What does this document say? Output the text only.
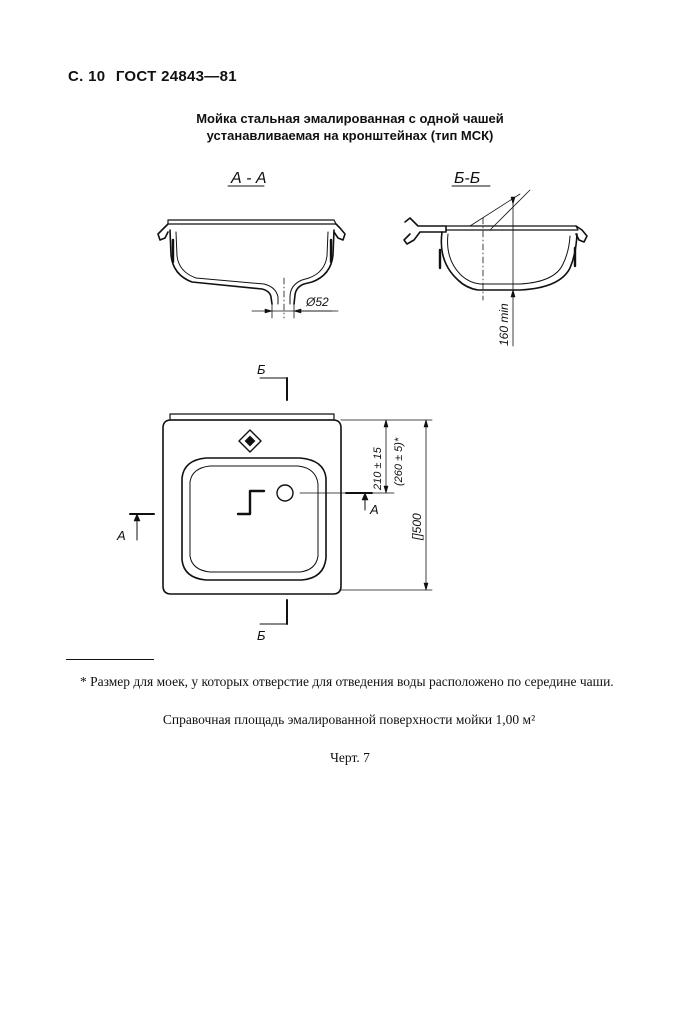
С. 10 ГОСТ 24843—81
Мойка стальная эмалированная с одной чашей
устанавливаемая на кронштейнах (тип МСК)
А - А	Б-Б
Ø52
160 min
210 ± 15 (260 ± 5)*
[]500
Б
Б
А
А
* Размер для моек, у которых отверстие для отведения воды расположено по середине чаши.
Справочная площадь эмалированной поверхности мойки 1,00 м²
Черт. 7
